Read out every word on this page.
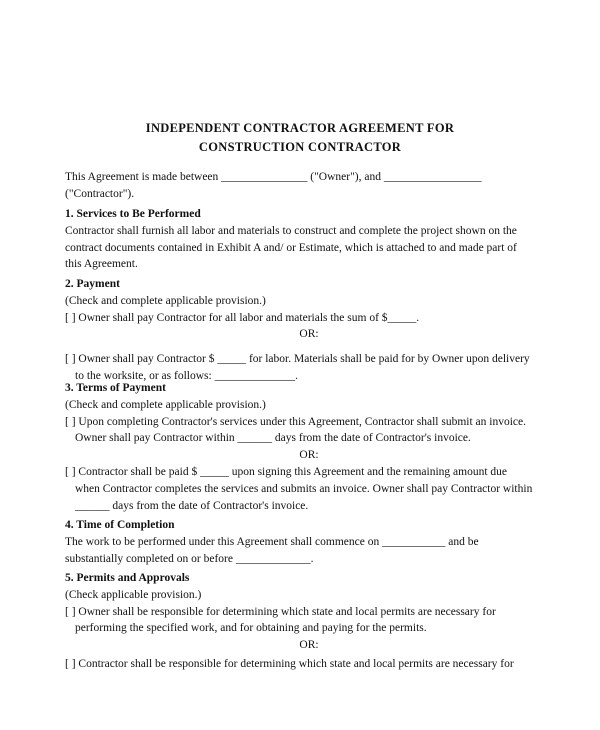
INDEPENDENT CONTRACTOR AGREEMENT FOR
CONSTRUCTION CONTRACTOR
This Agreement is made between _______________ ("Owner"), and _________________
("Contractor").
1. Services to Be Performed
Contractor shall furnish all labor and materials to construct and complete the project shown on the
contract documents contained in Exhibit A and/ or Estimate, which is attached to and made part of
this Agreement.
2. Payment
(Check and complete applicable provision.)
[ ] Owner shall pay Contractor for all labor and materials the sum of $_____.
OR:
[ ] Owner shall pay Contractor $ _____ for labor. Materials shall be paid for by Owner upon delivery
to the worksite, or as follows: ______________.
3. Terms of Payment
(Check and complete applicable provision.)
[ ] Upon completing Contractor's services under this Agreement, Contractor shall submit an invoice.
Owner shall pay Contractor within ______ days from the date of Contractor's invoice.
OR:
[ ] Contractor shall be paid $ _____ upon signing this Agreement and the remaining amount due
when Contractor completes the services and submits an invoice. Owner shall pay Contractor within
______ days from the date of Contractor's invoice.
4. Time of Completion
The work to be performed under this Agreement shall commence on ___________ and be
substantially completed on or before _____________.
5. Permits and Approvals
(Check applicable provision.)
[ ] Owner shall be responsible for determining which state and local permits are necessary for
performing the specified work, and for obtaining and paying for the permits.
OR:
[ ] Contractor shall be responsible for determining which state and local permits are necessary for
